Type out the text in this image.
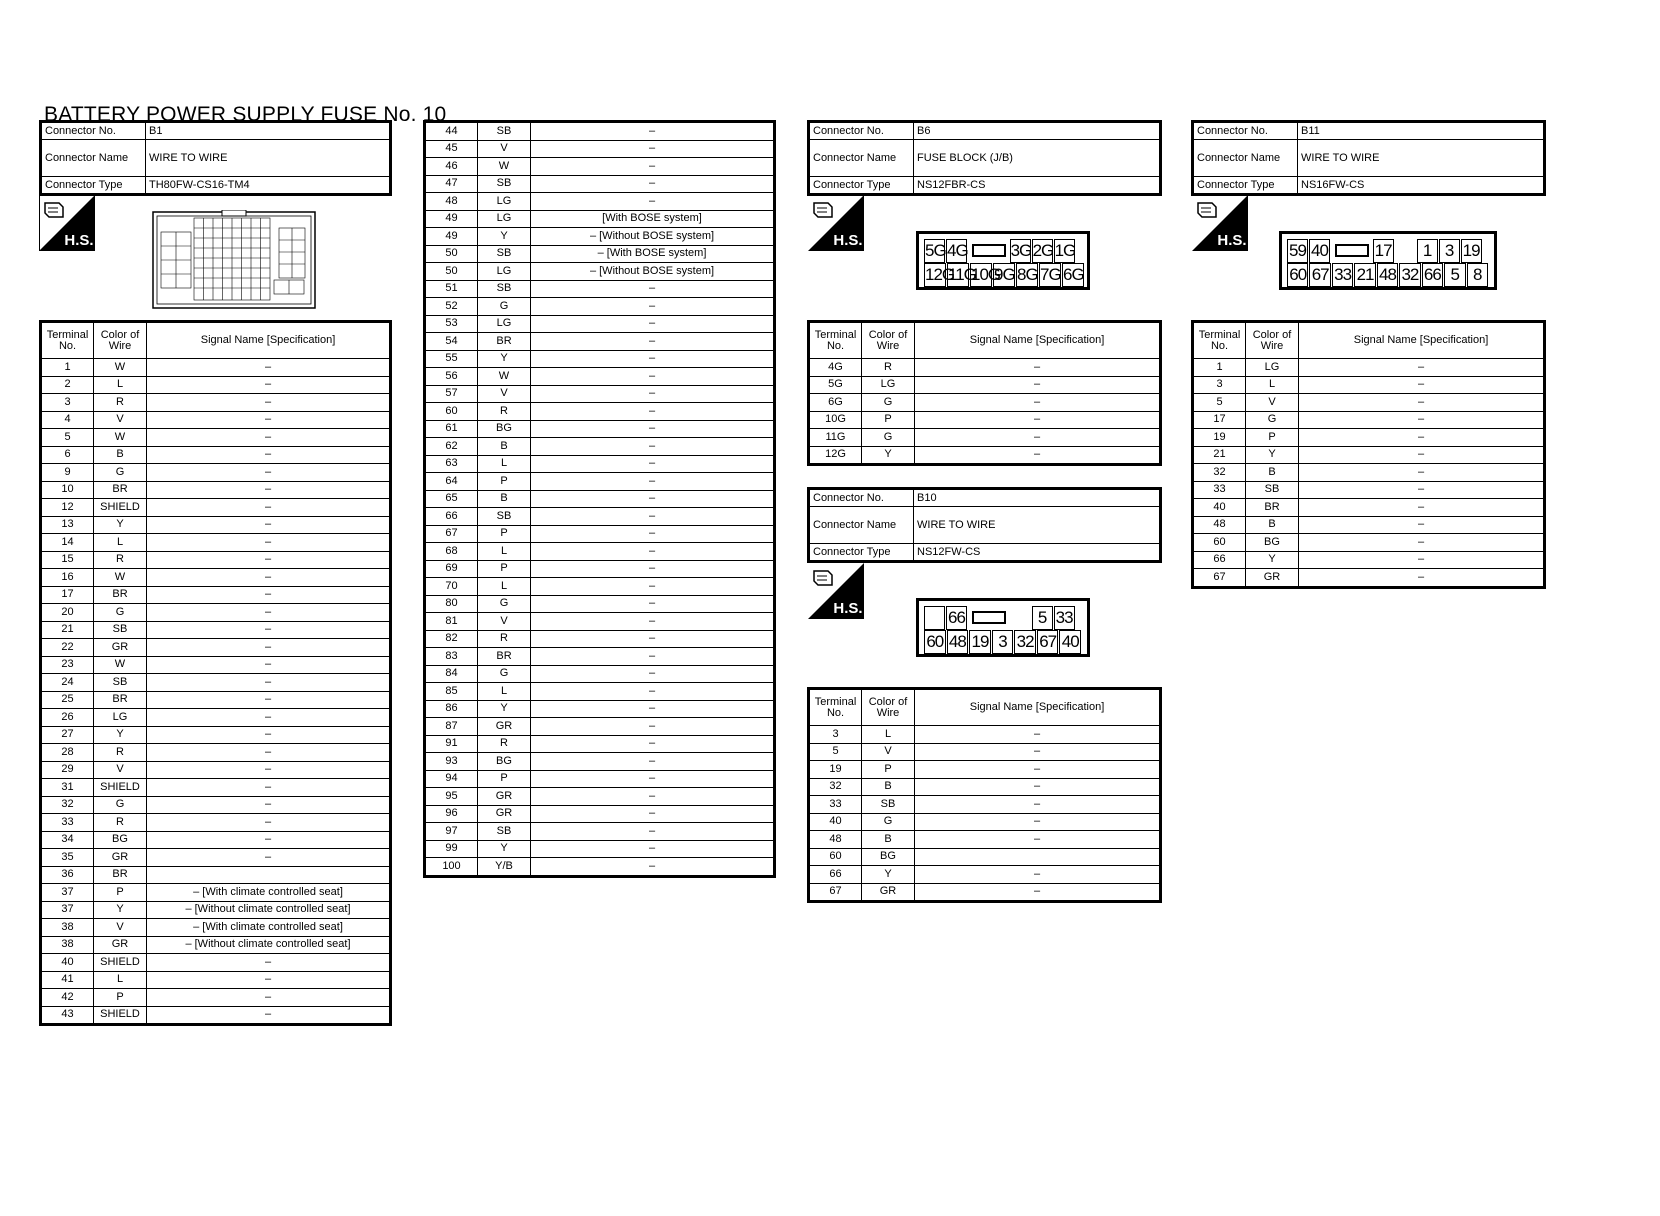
BATTERY POWER SUPPLY FUSE No. 10
Connector No.	B1
Connector Name	WIRE TO WIRE
Connector Type	TH80FW-CS16-TM4
H.S.	H.S.
H.S.
H.S.
Terminal No.	Color of Wire	Signal Name [Specification]
1	W	–
2	L	–
3	R	–
4	V	–
5	W	–
6	B	–
9	G	–
10	BR	–
12	SHIELD	–
13	Y	–
14	L	–
15	R	–
16	W	–
17	BR	–
20	G	–
21	SB	–
22	GR	–
23	W	–
24	SB	–
25	BR	–
26	LG	–
27	Y	–
28	R	–
29	V	–
31	SHIELD	–
32	G	–
33	R	–
34	BG	–
35	GR	–
36	BR	
37	P	– [With climate controlled seat]
37	Y	– [Without climate controlled seat]
38	V	– [With climate controlled seat]
38	GR	– [Without climate controlled seat]
40	SHIELD	–
41	L	–
42	P	–
43	SHIELD	–
44	SB	–
45	V	–
46	W	–
47	SB	–
48	LG	–
49	LG	[With BOSE system]
49	Y	– [Without BOSE system]
50	SB	– [With BOSE system]
50	LG	– [Without BOSE system]
51	SB	–
52	G	–
53	LG	–
54	BR	–
55	Y	–
56	W	–
57	V	–
60	R	–
61	BG	–
62	B	–
63	L	–
64	P	–
65	B	–
66	SB	–
67	P	–
68	L	–
69	P	–
70	L	–
80	G	–
81	V	–
82	R	–
83	BR	–
84	G	–
85	L	–
86	Y	–
87	GR	–
91	R	–
93	BG	–
94	P	–
95	GR	–
96	GR	–
97	SB	–
99	Y	–
100	Y/B	–
Connector No.	B6
Connector Name	FUSE BLOCK (J/B)
Connector Type	NS12FBR-CS
5G 4G	3G 2G 1G
12G
11G
10G
9G 8G 7G 6G
Terminal No.	Color of Wire	Signal Name [Specification]
4G	R	–
5G	LG	–
6G	G	–
10G	P	–
11G	G	–
12G	Y	–
Connector No.	B10
Connector Name	WIRE TO WIRE
Connector Type	NS12FW-CS
66	5 33
60 48 19 3 32 67 40
Terminal No.	Color of Wire	Signal Name [Specification]
3	L	–
5	V	–
19	P	–
32	B	–
33	SB	–
40	G	–
48	B	–
60	BG	
66	Y	–
67	GR	–
Connector No.	B11
Connector Name	WIRE TO WIRE
Connector Type	NS16FW-CS
59 40	17	1 3 19
60 67 33 21 48 32 66 5 8
Terminal No.	Color of Wire	Signal Name [Specification]
1	LG	–
3	L	–
5	V	–
17	G	–
19	P	–
21	Y	–
32	B	–
33	SB	–
40	BR	–
48	B	–
60	BG	–
66	Y	–
67	GR	–
